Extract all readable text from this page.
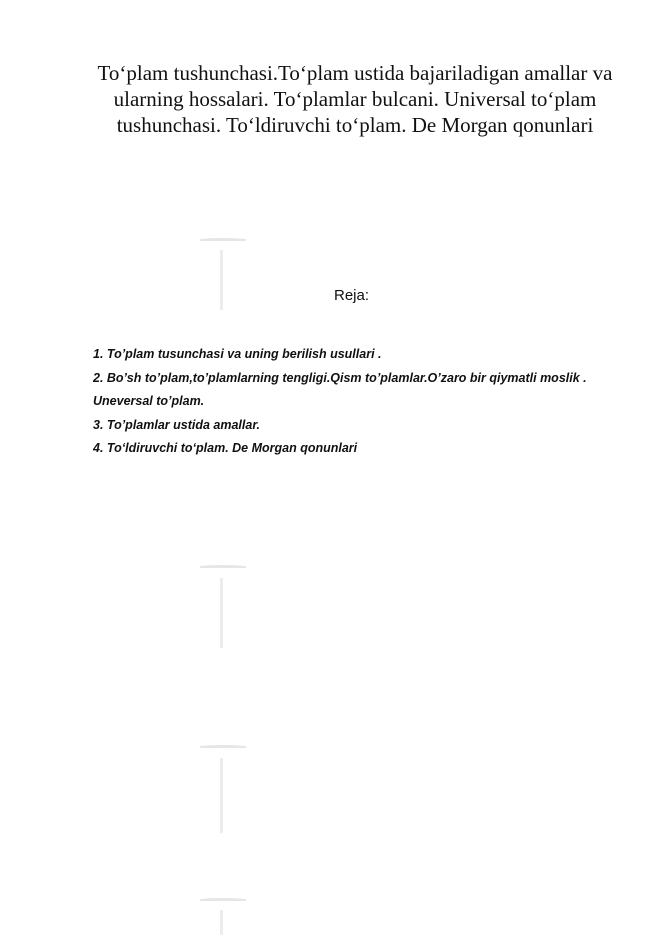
To‘plam tushunchasi.To‘plam ustida bajariladigan amallar va ularning hossalari. To‘plamlar bulcani. Universal to‘plam tushunchasi. To‘ldiruvchi to‘plam. De Morgan qonunlari
Reja:
1. To’plam tusunchasi va uning berilish usullari .
2. Bo’sh to’plam,to’plamlarning tengligi.Qism to’plamlar.O’zaro bir qiymatli moslik .
Uneversal to’plam.
3. To’plamlar ustida amallar.
4. To‘ldiruvchi to‘plam. De Morgan qonunlari
